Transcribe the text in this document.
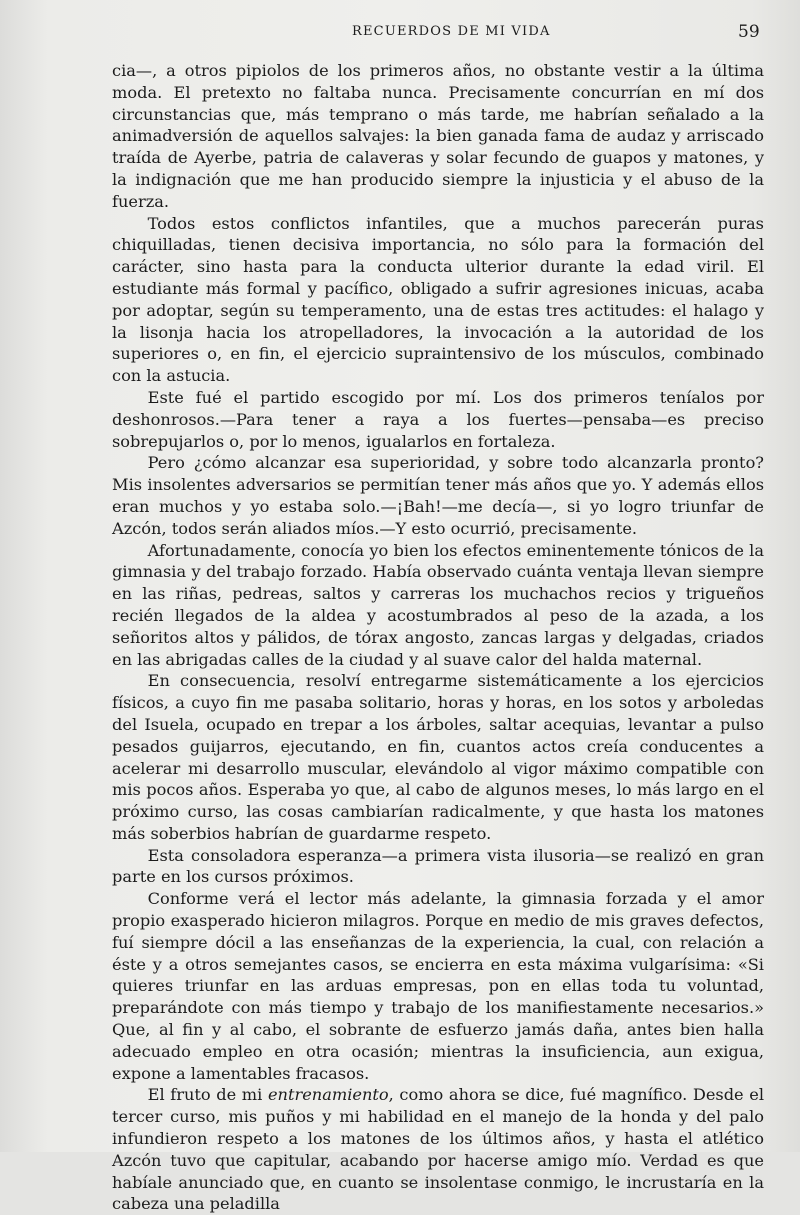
RECUERDOS DE MI VIDA	59

cia—, a otros pipiolos de los primeros años, no obstante vestir a la última moda. El pretexto no faltaba nunca. Precisamente concurrían en mí dos circunstancias que, más temprano o más tarde, me habrían señalado a la animadversión de aquellos salvajes: la bien ganada fama de audaz y arriscado traída de Ayerbe, patria de calaveras y solar fecundo de guapos y matones, y la indignación que me han producido siempre la injusticia y el abuso de la fuerza.

Todos estos conflictos infantiles, que a muchos parecerán puras chiquilladas, tienen decisiva importancia, no sólo para la formación del carácter, sino hasta para la conducta ulterior durante la edad viril. El estudiante más formal y pacífico, obligado a sufrir agresiones inicuas, acaba por adoptar, según su temperamento, una de estas tres actitudes: el halago y la lisonja hacia los atropelladores, la invocación a la autoridad de los superiores o, en fin, el ejercicio supraintensivo de los músculos, combinado con la astucia.

Este fué el partido escogido por mí. Los dos primeros teníalos por deshonrosos.—Para tener a raya a los fuertes—pensaba—es preciso sobrepujarlos o, por lo menos, igualarlos en fortaleza.

Pero ¿cómo alcanzar esa superioridad, y sobre todo alcanzarla pronto? Mis insolentes adversarios se permitían tener más años que yo. Y además ellos eran muchos y yo estaba solo.—¡Bah!—me decía—, si yo logro triunfar de Azcón, todos serán aliados míos.—Y esto ocurrió, precisamente.

Afortunadamente, conocía yo bien los efectos eminentemente tónicos de la gimnasia y del trabajo forzado. Había observado cuánta ventaja llevan siempre en las riñas, pedreas, saltos y carreras los muchachos recios y trigueños recién llegados de la aldea y acostumbrados al peso de la azada, a los señoritos altos y pálidos, de tórax angosto, zancas largas y delgadas, criados en las abrigadas calles de la ciudad y al suave calor del halda maternal.

En consecuencia, resolví entregarme sistemáticamente a los ejercicios físicos, a cuyo fin me pasaba solitario, horas y horas, en los sotos y arboledas del Isuela, ocupado en trepar a los árboles, saltar acequias, levantar a pulso pesados guijarros, ejecutando, en fin, cuantos actos creía conducentes a acelerar mi desarrollo muscular, elevándolo al vigor máximo compatible con mis pocos años. Esperaba yo que, al cabo de algunos meses, lo más largo en el próximo curso, las cosas cambiarían radicalmente, y que hasta los matones más soberbios habrían de guardarme respeto.

Esta consoladora esperanza—a primera vista ilusoria—se realizó en gran parte en los cursos próximos.

Conforme verá el lector más adelante, la gimnasia forzada y el amor propio exasperado hicieron milagros. Porque en medio de mis graves defectos, fuí siempre dócil a las enseñanzas de la experiencia, la cual, con relación a éste y a otros semejantes casos, se encierra en esta máxima vulgarísima: «Si quieres triunfar en las arduas empresas, pon en ellas toda tu voluntad, preparándote con más tiempo y trabajo de los manifiestamente necesarios.» Que, al fin y al cabo, el sobrante de esfuerzo jamás daña, antes bien halla adecuado empleo en otra ocasión; mientras la insuficiencia, aun exigua, expone a lamentables fracasos.

El fruto de mi entrenamiento, como ahora se dice, fué magnífico. Desde el tercer curso, mis puños y mi habilidad en el manejo de la honda y del palo infundieron respeto a los matones de los últimos años, y hasta el atlético Azcón tuvo que capitular, acabando por hacerse amigo mío. Verdad es que habíale anunciado que, en cuanto se insolentase conmigo, le incrustaría en la cabeza una peladilla
